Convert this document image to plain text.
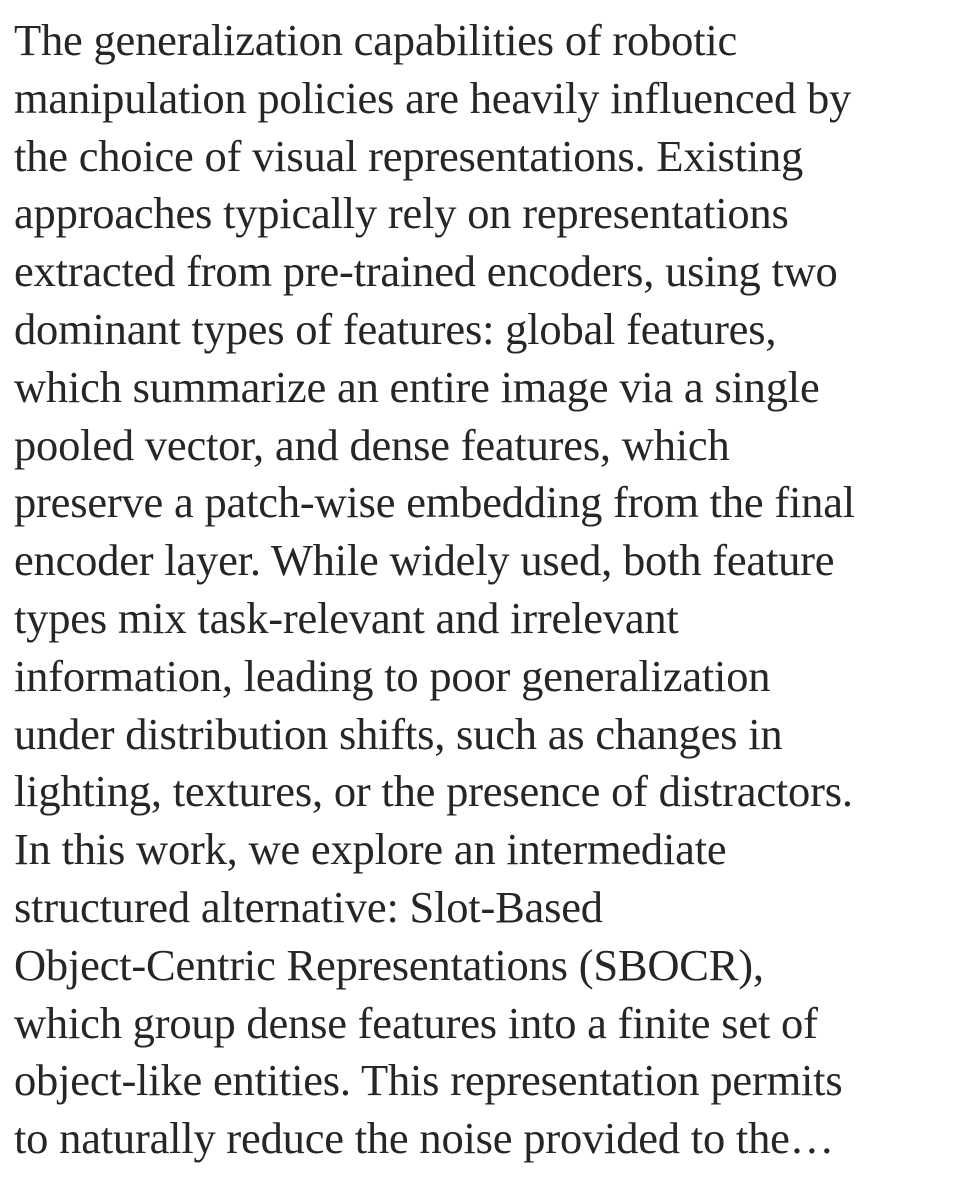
The generalization capabilities of robotic
manipulation policies are heavily influenced by
the choice of visual representations. Existing
approaches typically rely on representations
extracted from pre-trained encoders, using two
dominant types of features: global features,
which summarize an entire image via a single
pooled vector, and dense features, which
preserve a patch-wise embedding from the final
encoder layer. While widely used, both feature
types mix task-relevant and irrelevant
information, leading to poor generalization
under distribution shifts, such as changes in
lighting, textures, or the presence of distractors.
In this work, we explore an intermediate
structured alternative: Slot-Based
Object-Centric Representations (SBOCR),
which group dense features into a finite set of
object-like entities. This representation permits
to naturally reduce the noise provided to the…
